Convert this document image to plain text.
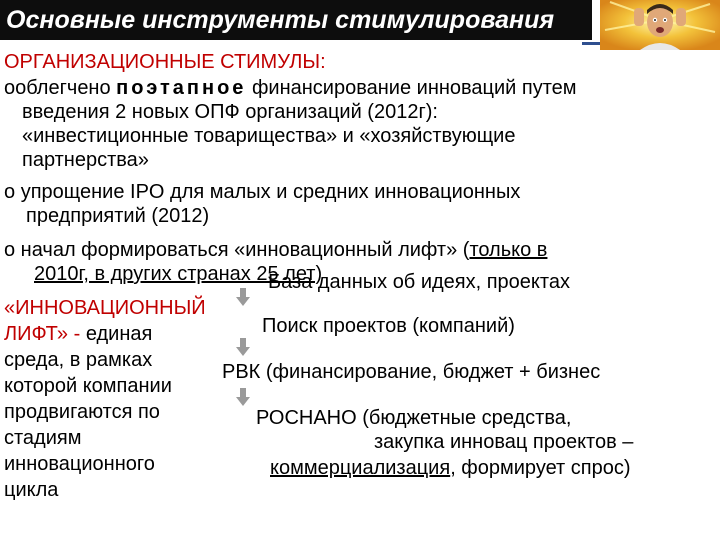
Основные инструменты стимулирования
ОРГАНИЗАЦИОННЫЕ СТИМУЛЫ:
oоблегчено поэтапное финансирование инноваций путем
введения 2 новых ОПФ организаций (2012г):
«инвестиционные товарищества» и «хозяйствующие
партнерства»
o упрощение IPO для малых и средних инновационных
предприятий (2012)
o начал формироваться «инновационный лифт» (только в
2010г, в других странах 25 лет)
База данных об идеях, проектах
«ИННОВАЦИОННЫЙ
ЛИФТ» - единая
среда, в рамках
которой компании
продвигаются по
стадиям
инновационного
цикла
Поиск проектов (компаний)
РВК (финансирование, бюджет + бизнес
РОСНАНО (бюджетные средства,
закупка инновац проектов –
коммерциализация, формирует спрос)
